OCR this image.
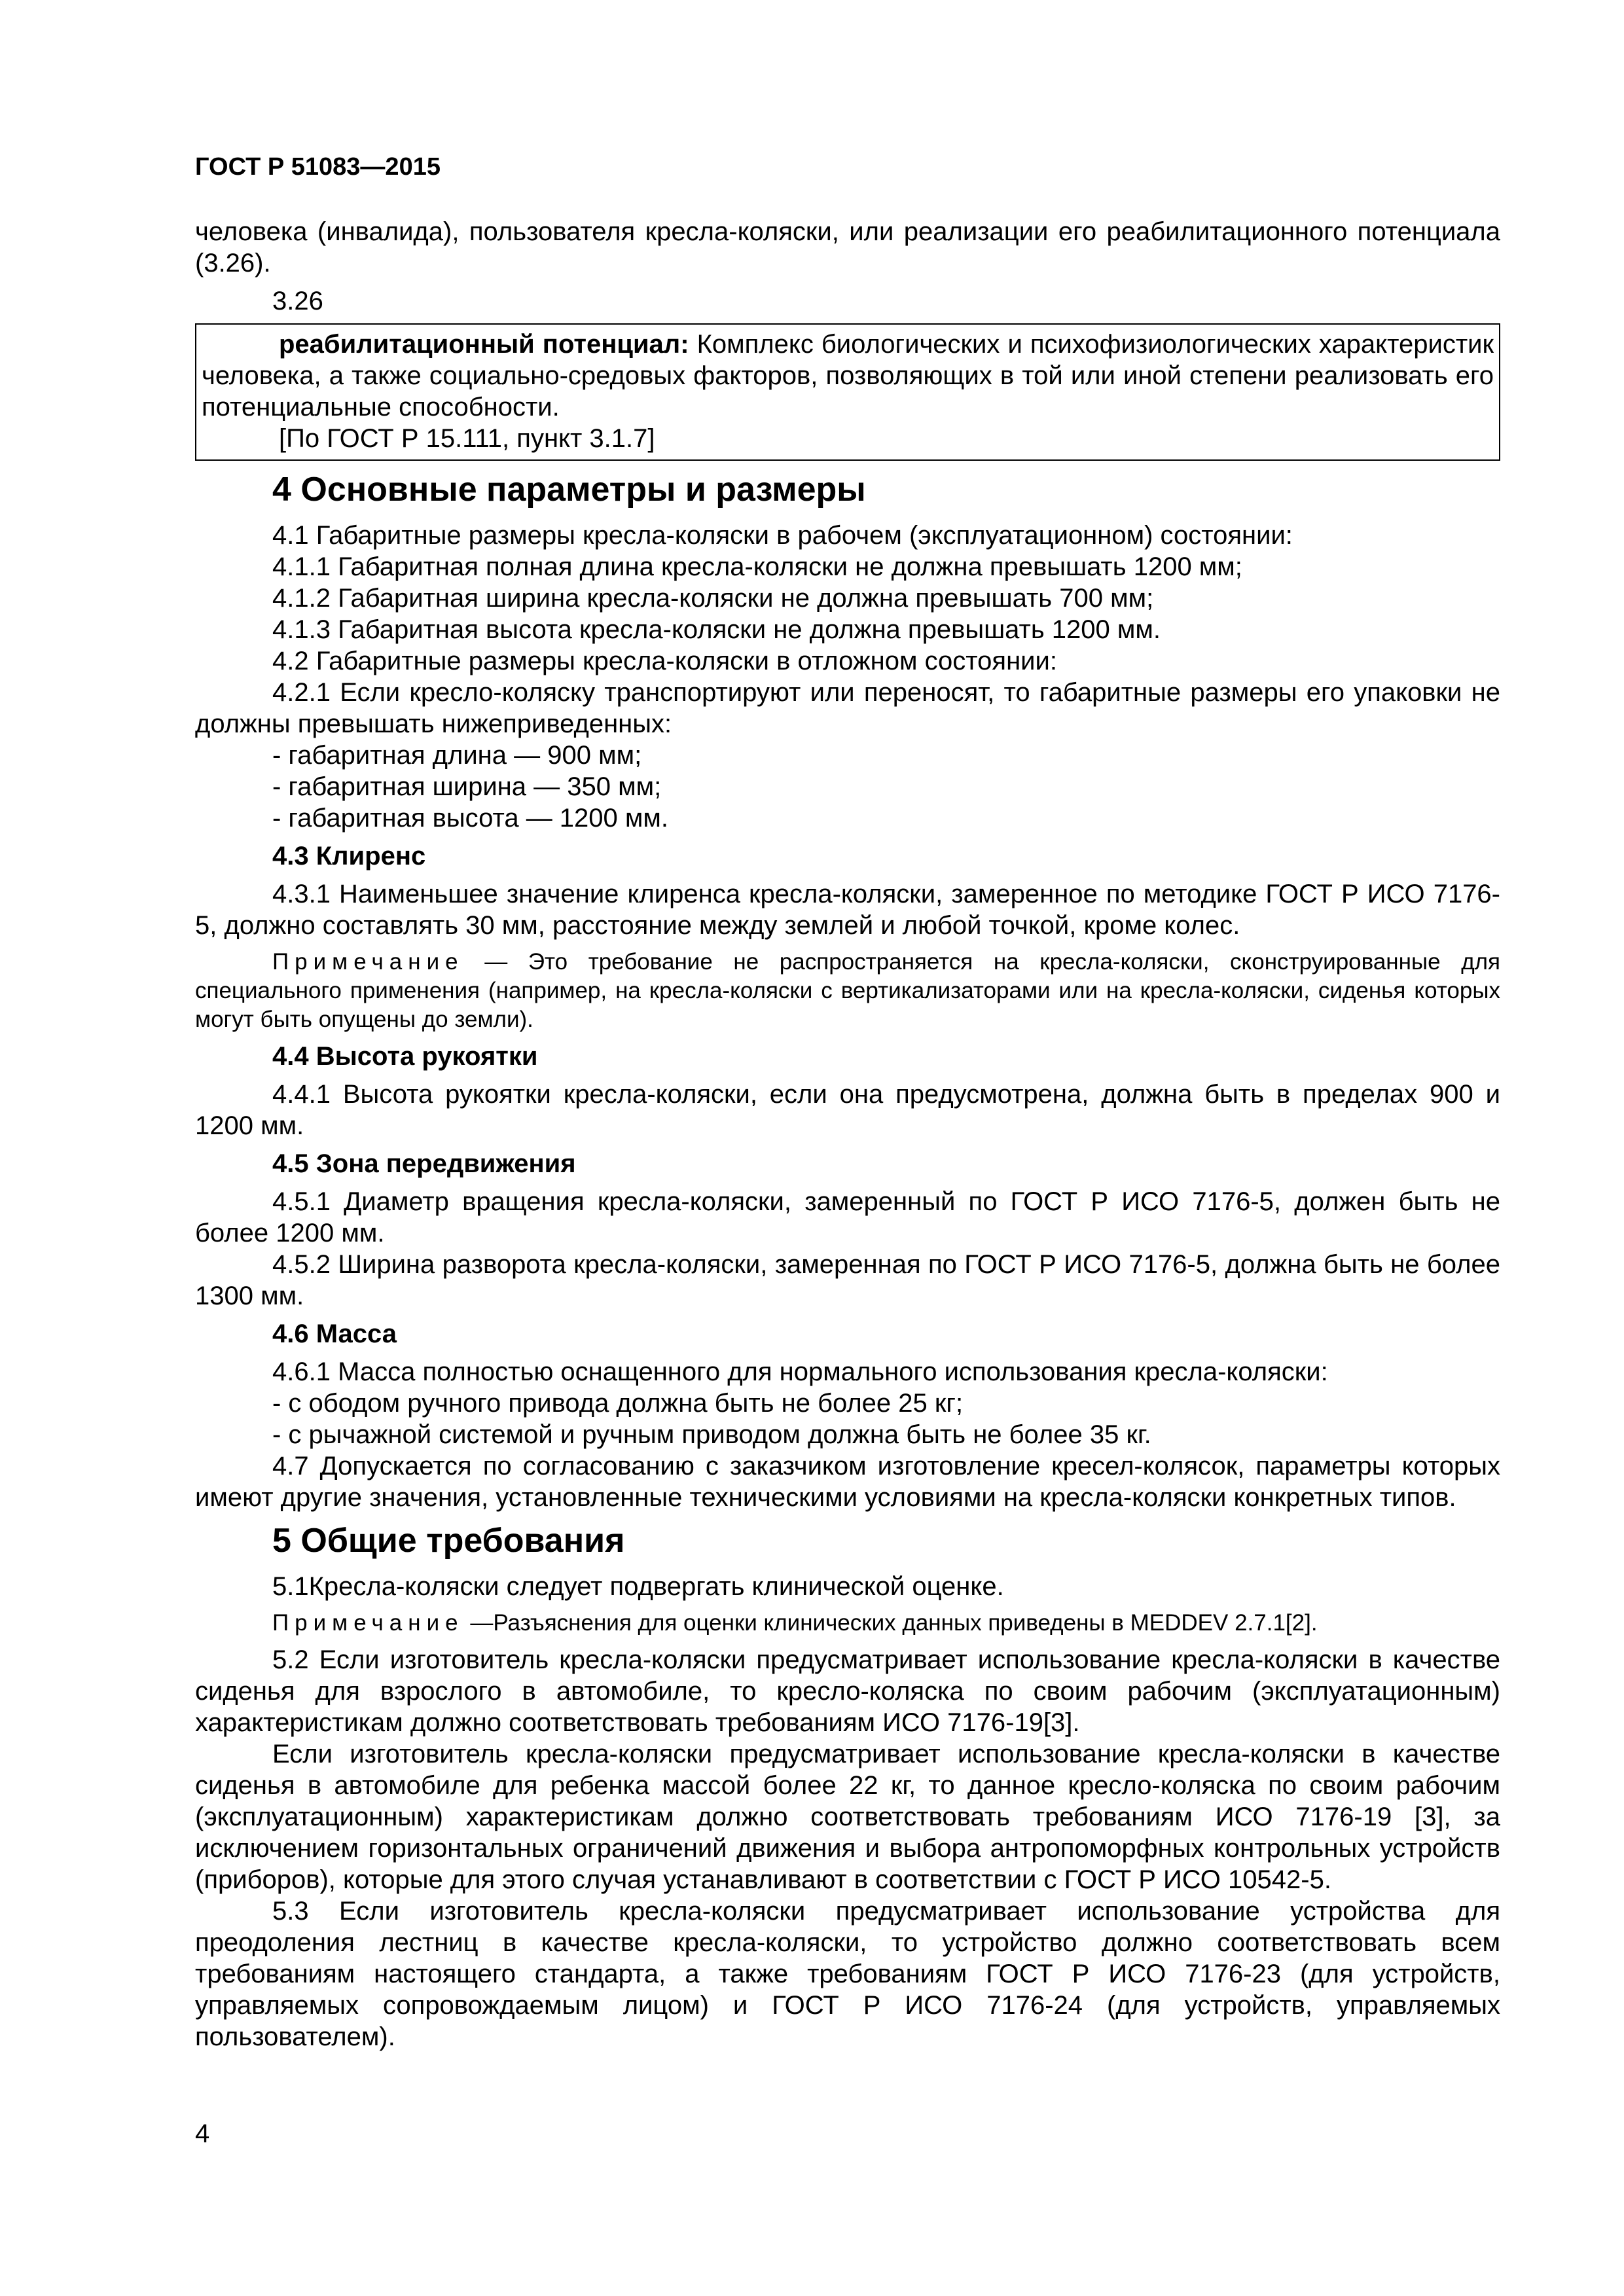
ГОСТ Р 51083—2015

человека (инвалида), пользователя кресла-коляски, или реализации его реабилитационного потенциала (3.26).

3.26

реабилитационный потенциал: Комплекс биологических и психофизиологических характеристик человека, а также социально-средовых факторов, позволяющих в той или иной степени реализовать его потенциальные способности.

[По ГОСТ Р 15.111, пункт 3.1.7]

4 Основные параметры и размеры

4.1 Габаритные размеры кресла-коляски в рабочем (эксплуатационном) состоянии:

4.1.1 Габаритная полная длина кресла-коляски не должна превышать 1200 мм;

4.1.2 Габаритная ширина кресла-коляски не должна превышать 700 мм;

4.1.3 Габаритная высота кресла-коляски не должна превышать 1200 мм.

4.2 Габаритные размеры кресла-коляски в отложном состоянии:

4.2.1 Если кресло-коляску транспортируют или переносят, то габаритные размеры его упаковки не должны превышать нижеприведенных:

- габаритная длина — 900 мм;

- габаритная ширина — 350 мм;

- габаритная высота — 1200 мм.

4.3 Клиренс

4.3.1 Наименьшее значение клиренса кресла-коляски, замеренное по методике ГОСТ Р ИСО 7176-5, должно составлять 30 мм, расстояние между землей и любой точкой, кроме колес.

Примечание — Это требование не распространяется на кресла-коляски, сконструированные для специального применения (например, на кресла-коляски с вертикализаторами или на кресла-коляски, сиденья которых могут быть опущены до земли).

4.4 Высота рукоятки

4.4.1 Высота рукоятки кресла-коляски, если она предусмотрена, должна быть в пределах 900 и 1200 мм.

4.5 Зона передвижения

4.5.1 Диаметр вращения кресла-коляски, замеренный по ГОСТ Р ИСО 7176-5, должен быть не более 1200 мм.

4.5.2 Ширина разворота кресла-коляски, замеренная по ГОСТ Р ИСО 7176-5, должна быть не более 1300 мм.

4.6 Масса

4.6.1 Масса полностью оснащенного для нормального использования кресла-коляски:

- с ободом ручного привода должна быть не более 25 кг;

- с рычажной системой и ручным приводом должна быть не более 35 кг.

4.7 Допускается по согласованию с заказчиком изготовление кресел-колясок, параметры которых имеют другие значения, установленные техническими условиями на кресла-коляски конкретных типов.

5 Общие требования

5.1Кресла-коляски следует подвергать клинической оценке.

Примечание —Разъяснения для оценки клинических данных приведены в MEDDEV 2.7.1[2].

5.2 Если изготовитель кресла-коляски предусматривает использование кресла-коляски в качестве сиденья для взрослого в автомобиле, то кресло-коляска по своим рабочим (эксплуатационным) характеристикам должно соответствовать требованиям ИСО 7176-19[3].

Если изготовитель кресла-коляски предусматривает использование кресла-коляски в качестве сиденья в автомобиле для ребенка массой более 22 кг, то данное кресло-коляска по своим рабочим (эксплуатационным) характеристикам должно соответствовать требованиям ИСО 7176-19 [3], за исключением горизонтальных ограничений движения и выбора антропоморфных контрольных устройств (приборов), которые для этого случая устанавливают в соответствии с ГОСТ Р ИСО 10542-5.

5.3 Если изготовитель кресла-коляски предусматривает использование устройства для преодоления лестниц в качестве кресла-коляски, то устройство должно соответствовать всем требованиям настоящего стандарта, а также требованиям ГОСТ Р ИСО 7176-23 (для устройств, управляемых сопровождаемым лицом) и ГОСТ Р ИСО 7176-24 (для устройств, управляемых пользователем).

4
